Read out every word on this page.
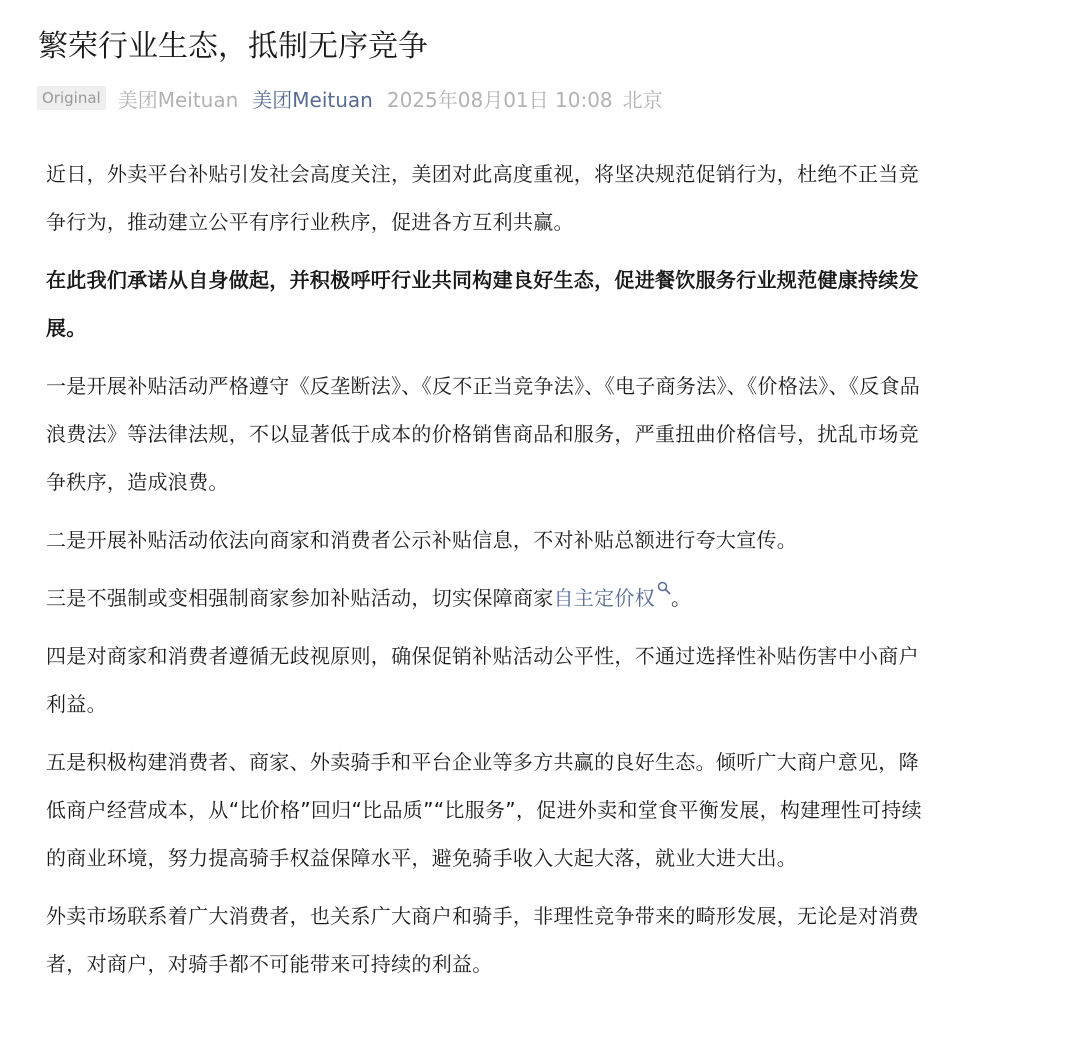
繁荣行业生态，抵制无序竞争
Original 美团Meituan 美团Meituan 2025年08月01日 10:08 北京

近日，外卖平台补贴引发社会高度关注，美团对此高度重视，将坚决规范促销行为，杜绝不正当竞争行为，推动建立公平有序行业秩序，促进各方互利共赢。

在此我们承诺从自身做起，并积极呼吁行业共同构建良好生态，促进餐饮服务行业规范健康持续发展。

一是开展补贴活动严格遵守《反垄断法》、《反不正当竞争法》、《电子商务法》、《价格法》、《反食品浪费法》等法律法规，不以显著低于成本的价格销售商品和服务，严重扭曲价格信号，扰乱市场竞争秩序，造成浪费。

二是开展补贴活动依法向商家和消费者公示补贴信息，不对补贴总额进行夸大宣传。

三是不强制或变相强制商家参加补贴活动，切实保障商家自主定价权 。

四是对商家和消费者遵循无歧视原则，确保促销补贴活动公平性，不通过选择性补贴伤害中小商户利益。

五是积极构建消费者、商家、外卖骑手和平台企业等多方共赢的良好生态。倾听广大商户意见，降低商户经营成本，从“比价格”回归“比品质”“比服务”，促进外卖和堂食平衡发展，构建理性可持续的商业环境，努力提高骑手权益保障水平，避免骑手收入大起大落，就业大进大出。

外卖市场联系着广大消费者，也关系广大商户和骑手，非理性竞争带来的畸形发展，无论是对消费者，对商户，对骑手都不可能带来可持续的利益。
